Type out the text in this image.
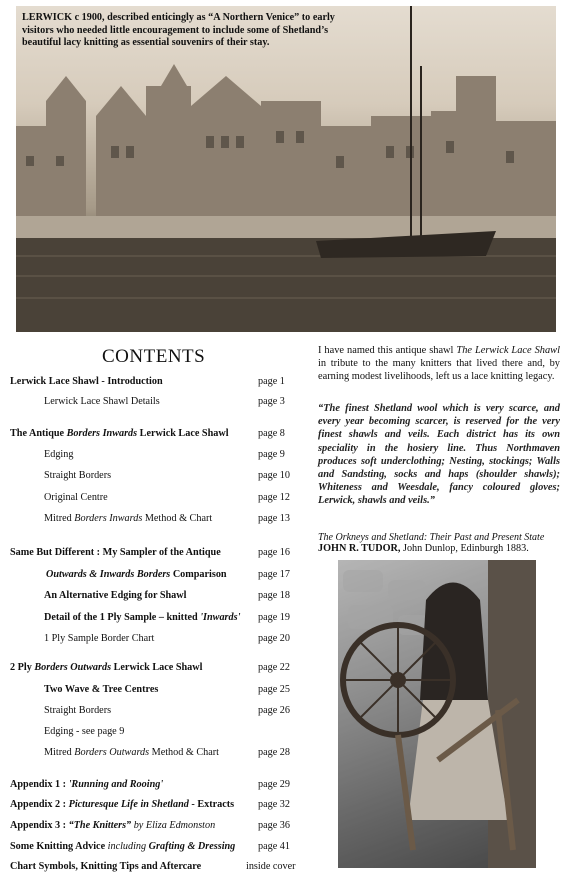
LERWICK c 1900, described enticingly as “A Northern Venice” to early visitors who needed little encouragement to include some of Shetland’s beautiful lacy knitting as essential souvenirs of their stay.
CONTENTS
Lerwick Lace Shawl - Introduction	page 1
Lerwick Lace Shawl Details	page 3
The Antique Borders Inwards Lerwick Lace Shawl	page 8
Edging	page 9
Straight Borders	page 10
Original Centre	page 12
Mitred Borders Inwards Method & Chart	page 13
Same But Different : My Sampler of the Antique	page 16
Outwards & Inwards Borders Comparison	page 17
An Alternative Edging for Shawl	page 18
Detail of the 1 Ply Sample – knitted 'Inwards' page 19
1 Ply Sample Border Chart	page 20
2 Ply Borders Outwards Lerwick Lace Shawl	page 22
Two Wave & Tree Centres	page 25
Straight Borders	page 26
Edging - see page 9
Mitred Borders Outwards Method & Chart	page 28
Appendix 1 : 'Running and Rooing'	page 29
Appendix 2 : Picturesque Life in Shetland - Extracts page 32
Appendix 3 : “The Knitters” by Eliza Edmonston	page 36
Some Knitting Advice including Grafting & Dressing page 41
Chart Symbols, Knitting Tips and Aftercare	inside cover
I have named this antique shawl The Lerwick Lace Shawl in tribute to the many knitters that lived there and, by earning modest livelihoods, left us a lace knitting legacy.
“The finest Shetland wool which is very scarce, and every year becoming scarcer, is reserved for the very finest shawls and veils. Each district has its own speciality in the hosiery line. Thus Northmaven produces soft underclothing; Nesting, stockings; Walls and Sandsting, socks and haps (shoulder shawls); Whiteness and Weesdale, fancy coloured gloves; Lerwick, shawls and veils.”
The Orkneys and Shetland: Their Past and Present State
JOHN R. TUDOR, John Dunlop, Edinburgh 1883.
